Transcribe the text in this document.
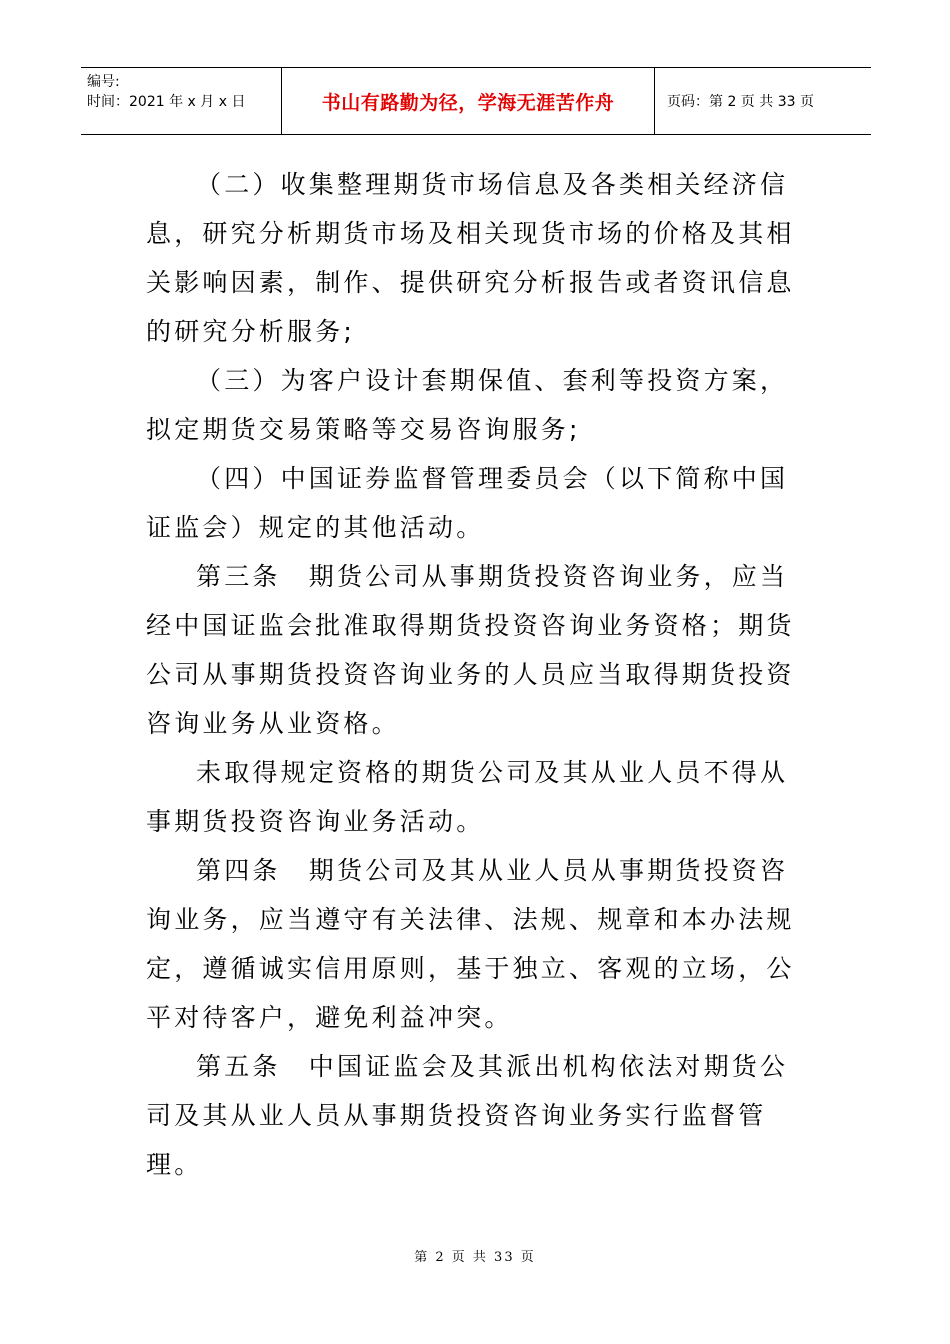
编号:
时间：2021 年 x 月 x 日	书山有路勤为径，学海无涯苦作舟	页码：第 2 页 共 33 页

（二）收集整理期货市场信息及各类相关经济信息，研究分析期货市场及相关现货市场的价格及其相关影响因素，制作、提供研究分析报告或者资讯信息的研究分析服务;

（三）为客户设计套期保值、套利等投资方案，拟定期货交易策略等交易咨询服务;

（四）中国证券监督管理委员会（以下简称中国证监会）规定的其他活动。

第三条　期货公司从事期货投资咨询业务，应当经中国证监会批准取得期货投资咨询业务资格；期货公司从事期货投资咨询业务的人员应当取得期货投资咨询业务从业资格。

未取得规定资格的期货公司及其从业人员不得从事期货投资咨询业务活动。

第四条　期货公司及其从业人员从事期货投资咨询业务，应当遵守有关法律、法规、规章和本办法规定，遵循诚实信用原则，基于独立、客观的立场，公平对待客户，避免利益冲突。

第五条　中国证监会及其派出机构依法对期货公司及其从业人员从事期货投资咨询业务实行监督管理。

第 2 页 共 33 页
